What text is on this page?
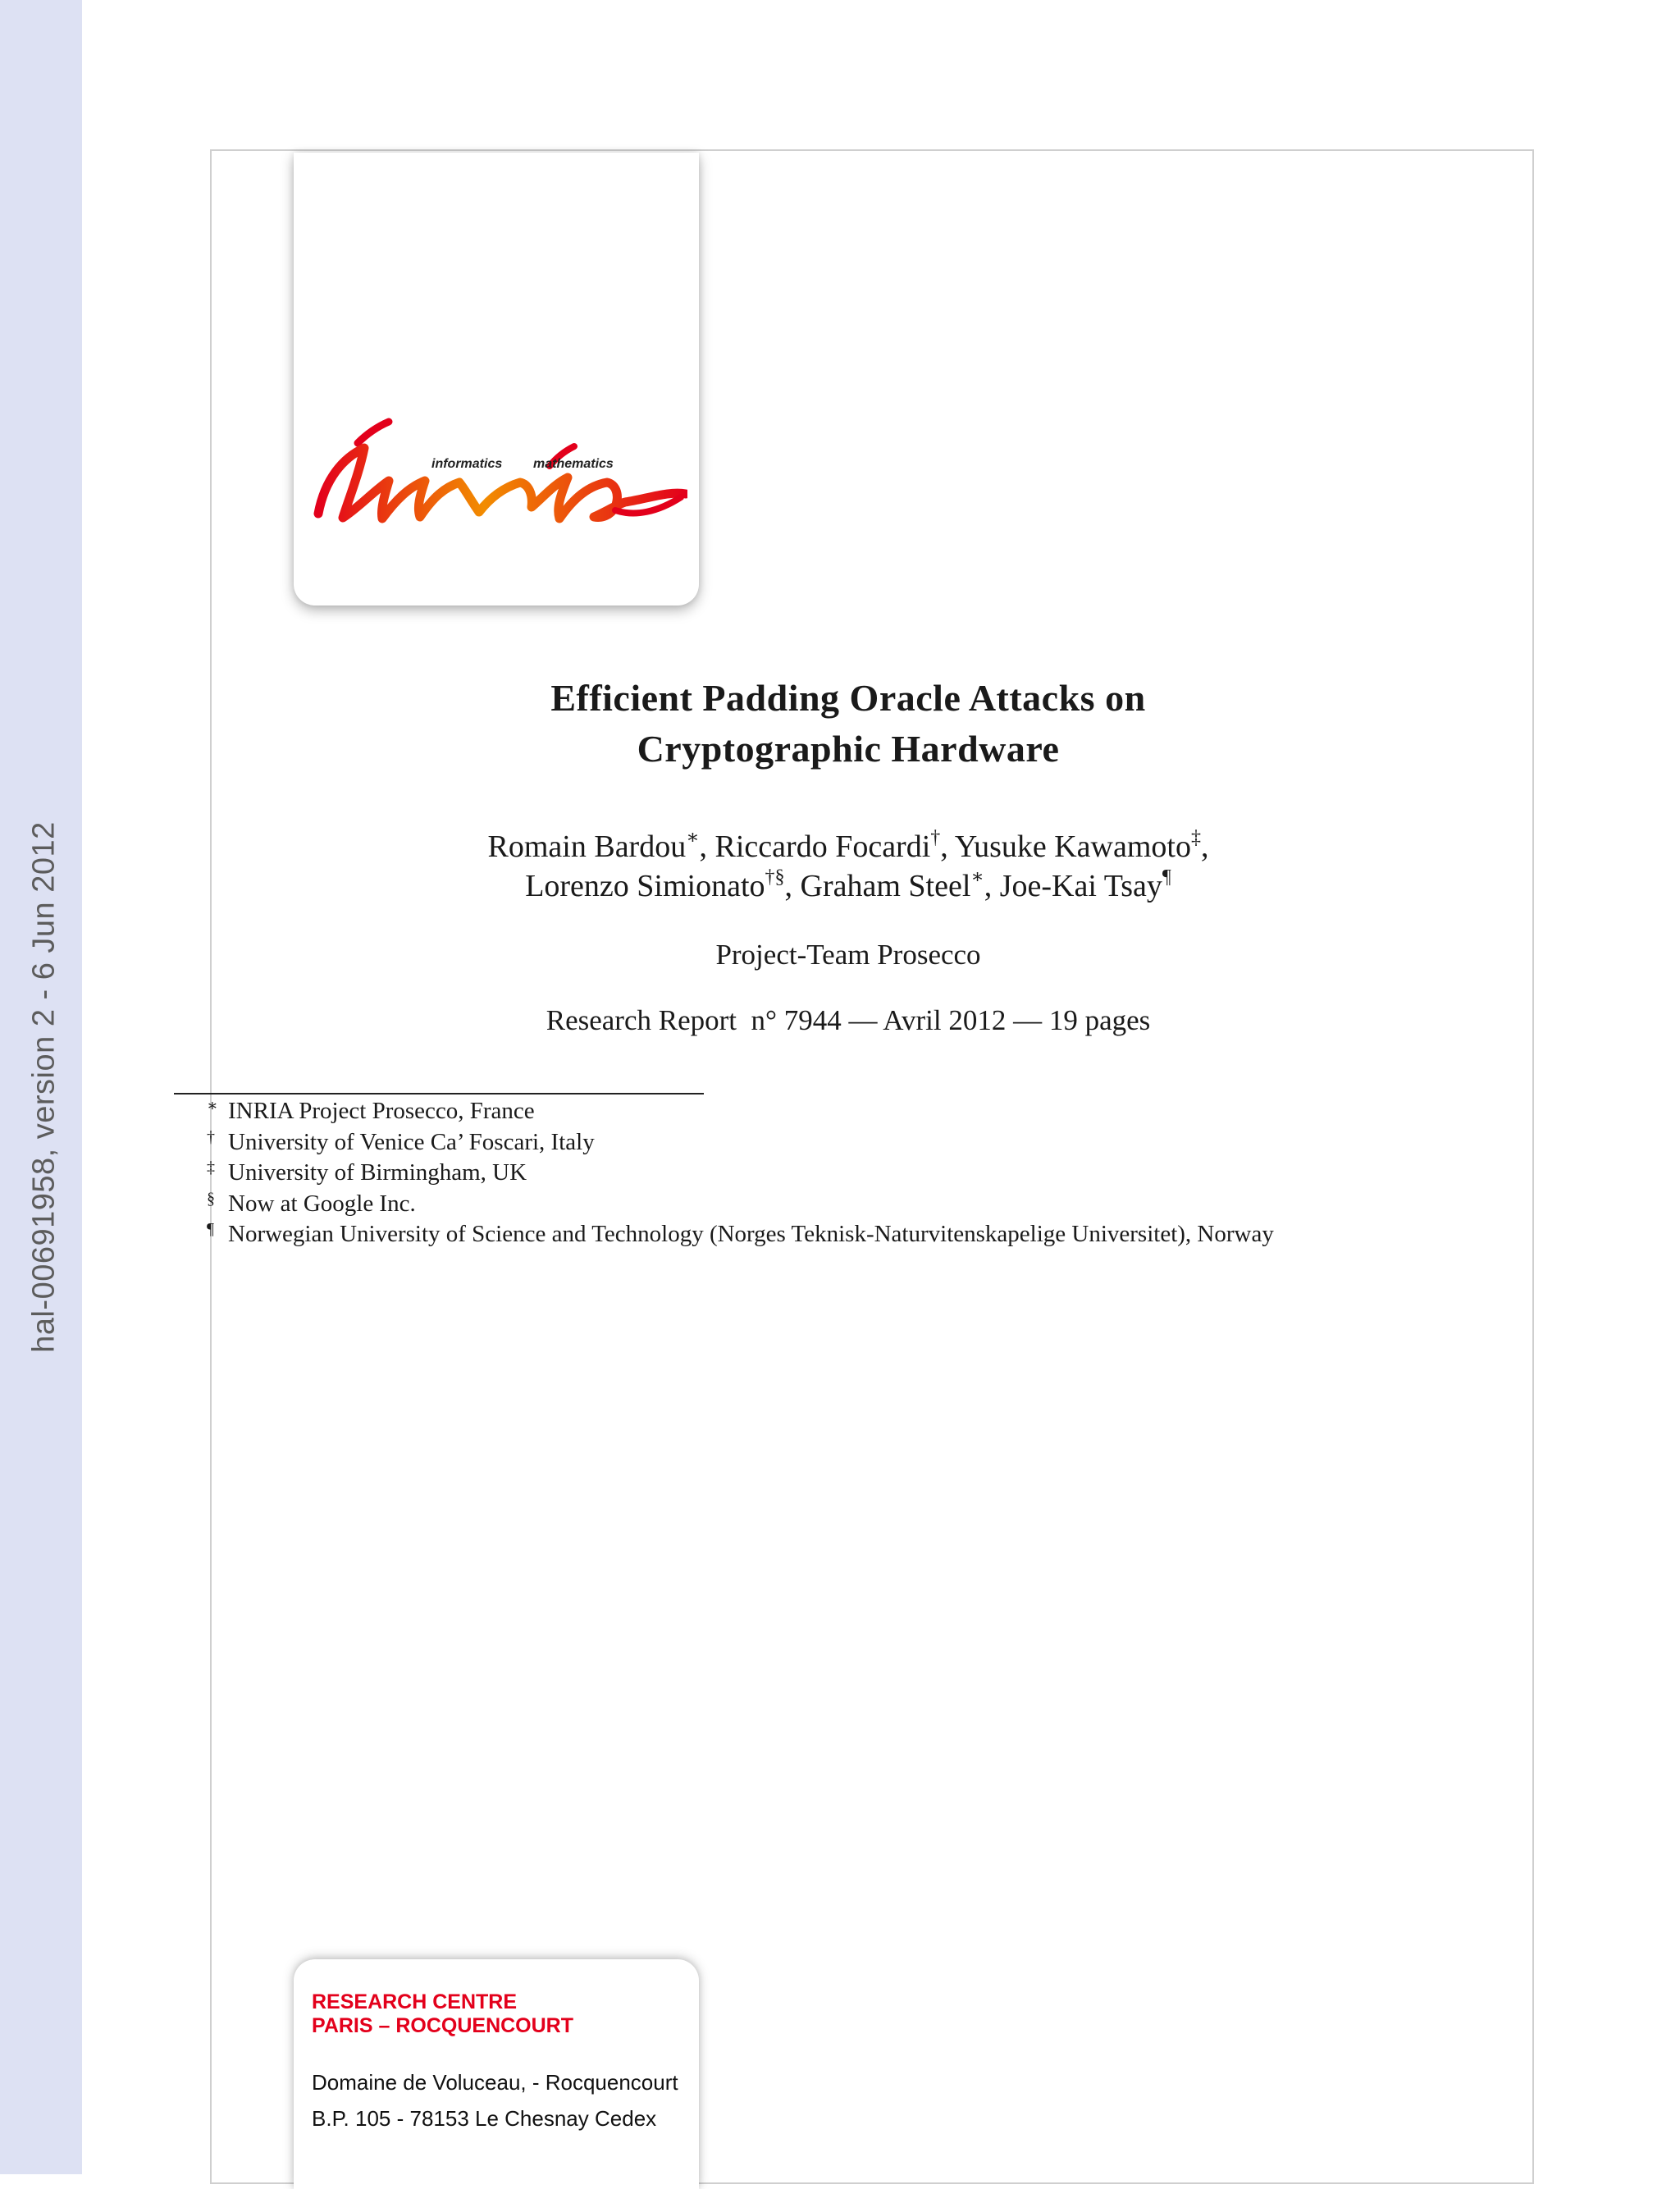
hal-00691958, version 2 - 6 Jun 2012
informatics mathematics
Efficient Padding Oracle Attacks on
Cryptographic Hardware
Romain Bardou∗, Riccardo Focardi†, Yusuke Kawamoto‡,
Lorenzo Simionato†§, Graham Steel∗, Joe-Kai Tsay¶
Project-Team Prosecco
Research Report  n° 7944 — Avril 2012 — 19 pages
∗ INRIA Project Prosecco, France
† University of Venice Ca’ Foscari, Italy
‡ University of Birmingham, UK
§ Now at Google Inc.
¶ Norwegian University of Science and Technology (Norges Teknisk-Naturvitenskapelige Universitet), Norway
RESEARCH CENTRE
PARIS – ROCQUENCOURT
Domaine de Voluceau, - Rocquencourt
B.P. 105 - 78153 Le Chesnay Cedex
